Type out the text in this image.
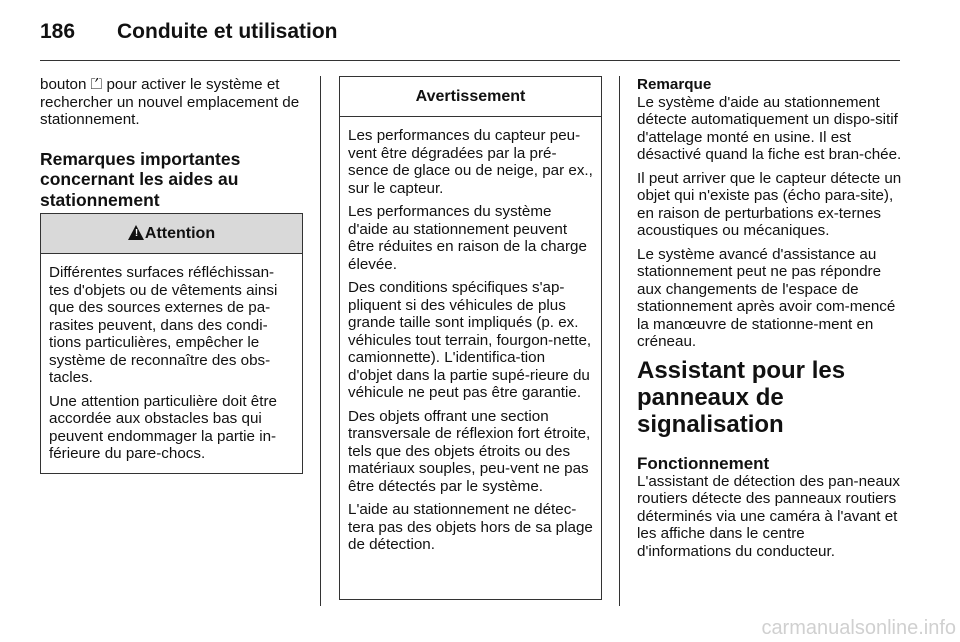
186 Conduite et utilisation

bouton ⏍ pour activer le système et rechercher un nouvel emplacement de stationnement.

Remarques importantes concernant les aides au stationnement
! Attention

Différentes surfaces réfléchissan-tes d'objets ou de vêtements ainsi que des sources externes de pa-rasites peuvent, dans des condi-tions particulières, empêcher le système de reconnaître des obs-tacles.

Une attention particulière doit être accordée aux obstacles bas qui peuvent endommager la partie in-férieure du pare-chocs.

Avertissement

Les performances du capteur peu-vent être dégradées par la pré-sence de glace ou de neige, par ex., sur le capteur.

Les performances du système d'aide au stationnement peuvent être réduites en raison de la charge élevée.

Des conditions spécifiques s'ap-pliquent si des véhicules de plus grande taille sont impliqués (p. ex. véhicules tout terrain, fourgon-nette, camionnette). L'identifica-tion d'objet dans la partie supé-rieure du véhicule ne peut pas être garantie.

Des objets offrant une section transversale de réflexion fort étroite, tels que des objets étroits ou des matériaux souples, peu-vent ne pas être détectés par le système.

L'aide au stationnement ne détec-tera pas des objets hors de sa plage de détection.

Remarque

Le système d'aide au stationnement détecte automatiquement un dispo-sitif d'attelage monté en usine. Il est désactivé quand la fiche est bran-chée.

Il peut arriver que le capteur détecte un objet qui n'existe pas (écho para-site), en raison de perturbations ex-ternes acoustiques ou mécaniques.

Le système avancé d'assistance au stationnement peut ne pas répondre aux changements de l'espace de stationnement après avoir com-mencé la manœuvre de stationne-ment en créneau.

Assistant pour les panneaux de signalisation
Fonctionnement

L'assistant de détection des pan-neaux routiers détecte des panneaux routiers déterminés via une caméra à l'avant et les affiche dans le centre d'informations du conducteur.

carmanualsonline.info
